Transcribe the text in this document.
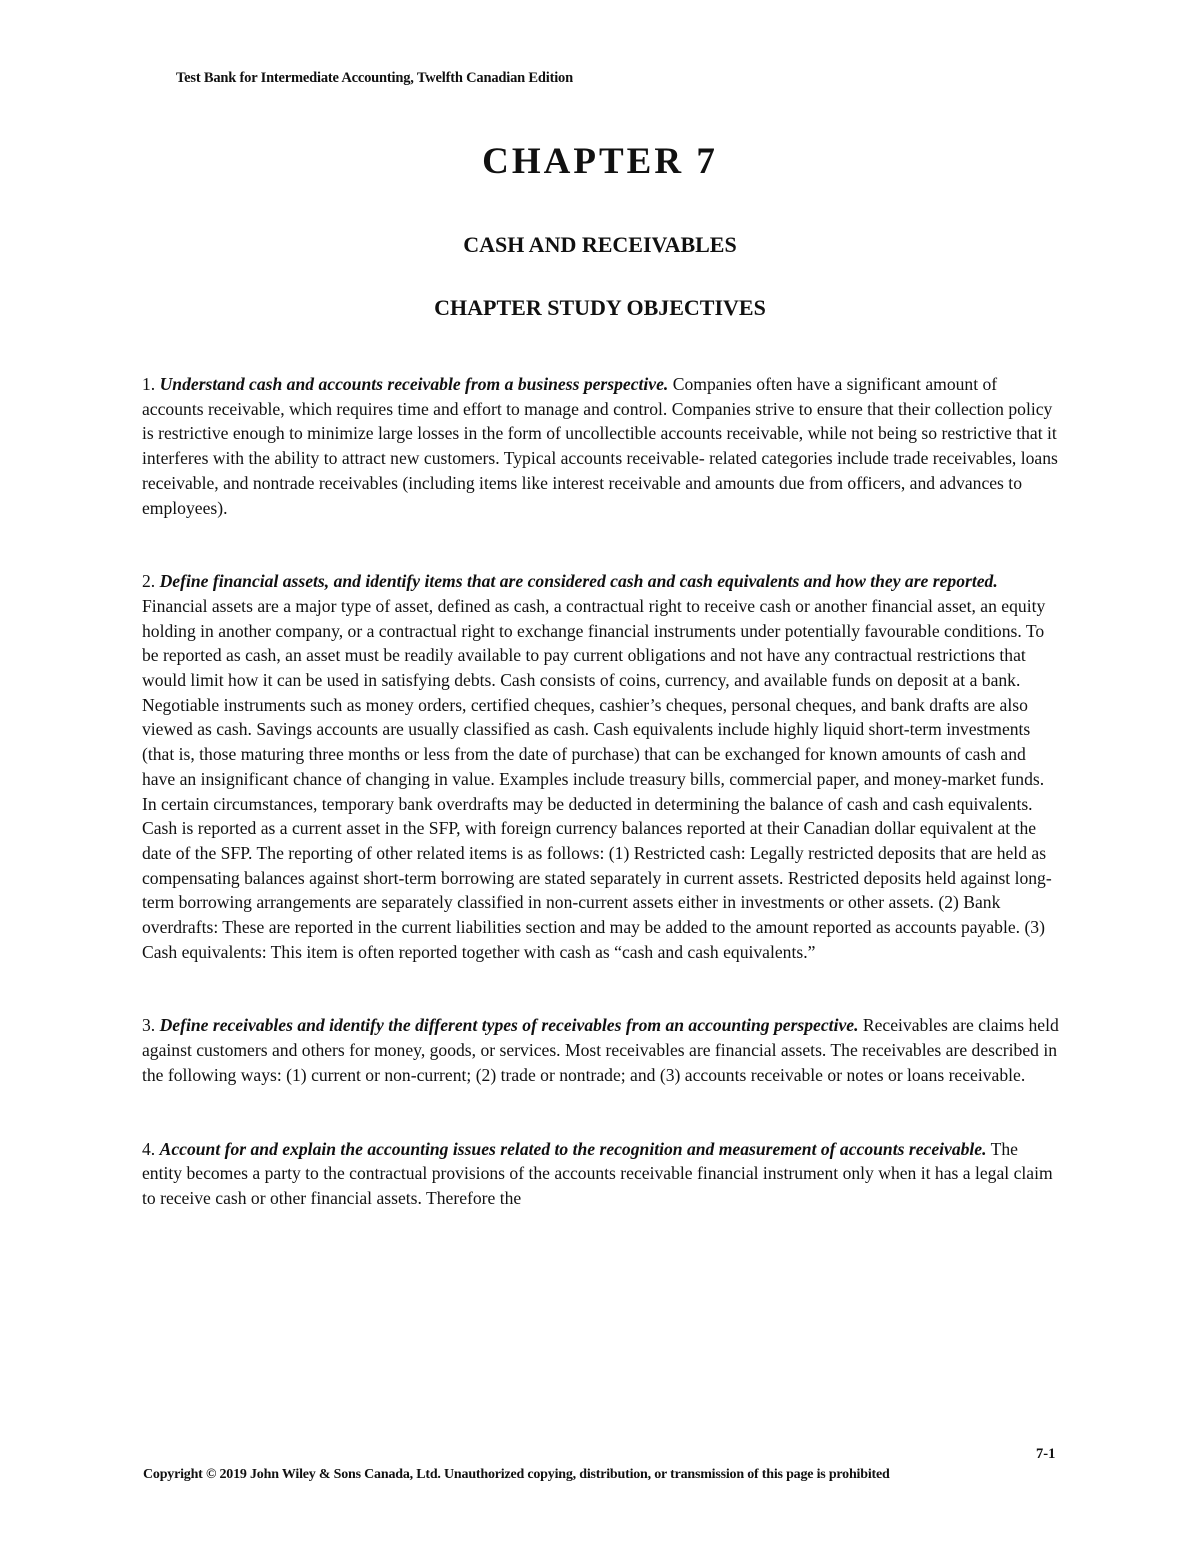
Test Bank for Intermediate Accounting, Twelfth Canadian Edition
CHAPTER 7
CASH AND RECEIVABLES
CHAPTER STUDY OBJECTIVES

1. Understand cash and accounts receivable from a business perspective. Companies often have a significant amount of accounts receivable, which requires time and effort to manage and control. Companies strive to ensure that their collection policy is restrictive enough to minimize large losses in the form of uncollectible accounts receivable, while not being so restrictive that it interferes with the ability to attract new customers. Typical accounts receivable- related categories include trade receivables, loans receivable, and nontrade receivables (including items like interest receivable and amounts due from officers, and advances to employees).

2. Define financial assets, and identify items that are considered cash and cash equivalents and how they are reported. Financial assets are a major type of asset, defined as cash, a contractual right to receive cash or another financial asset, an equity holding in another company, or a contractual right to exchange financial instruments under potentially favourable conditions. To be reported as cash, an asset must be readily available to pay current obligations and not have any contractual restrictions that would limit how it can be used in satisfying debts. Cash consists of coins, currency, and available funds on deposit at a bank. Negotiable instruments such as money orders, certified cheques, cashier’s cheques, personal cheques, and bank drafts are also viewed as cash. Savings accounts are usually classified as cash. Cash equivalents include highly liquid short-term investments (that is, those maturing three months or less from the date of purchase) that can be exchanged for known amounts of cash and have an insignificant chance of changing in value. Examples include treasury bills, commercial paper, and money-market funds. In certain circumstances, temporary bank overdrafts may be deducted in determining the balance of cash and cash equivalents.

Cash is reported as a current asset in the SFP, with foreign currency balances reported at their Canadian dollar equivalent at the date of the SFP. The reporting of other related items is as follows: (1) Restricted cash: Legally restricted deposits that are held as compensating balances against short-term borrowing are stated separately in current assets. Restricted deposits held against long-term borrowing arrangements are separately classified in non-current assets either in investments or other assets. (2) Bank overdrafts: These are reported in the current liabilities section and may be added to the amount reported as accounts payable. (3) Cash equivalents: This item is often reported together with cash as “cash and cash equivalents.”

3. Define receivables and identify the different types of receivables from an accounting perspective. Receivables are claims held against customers and others for money, goods, or services. Most receivables are financial assets. The receivables are described in the following ways: (1) current or non-current; (2) trade or nontrade; and (3) accounts receivable or notes or loans receivable.

4. Account for and explain the accounting issues related to the recognition and measurement of accounts receivable. The entity becomes a party to the contractual provisions of the accounts receivable financial instrument only when it has a legal claim to receive cash or other financial assets. Therefore the

7-1
Copyright © 2019 John Wiley & Sons Canada, Ltd. Unauthorized copying, distribution, or transmission of this page is prohibited
